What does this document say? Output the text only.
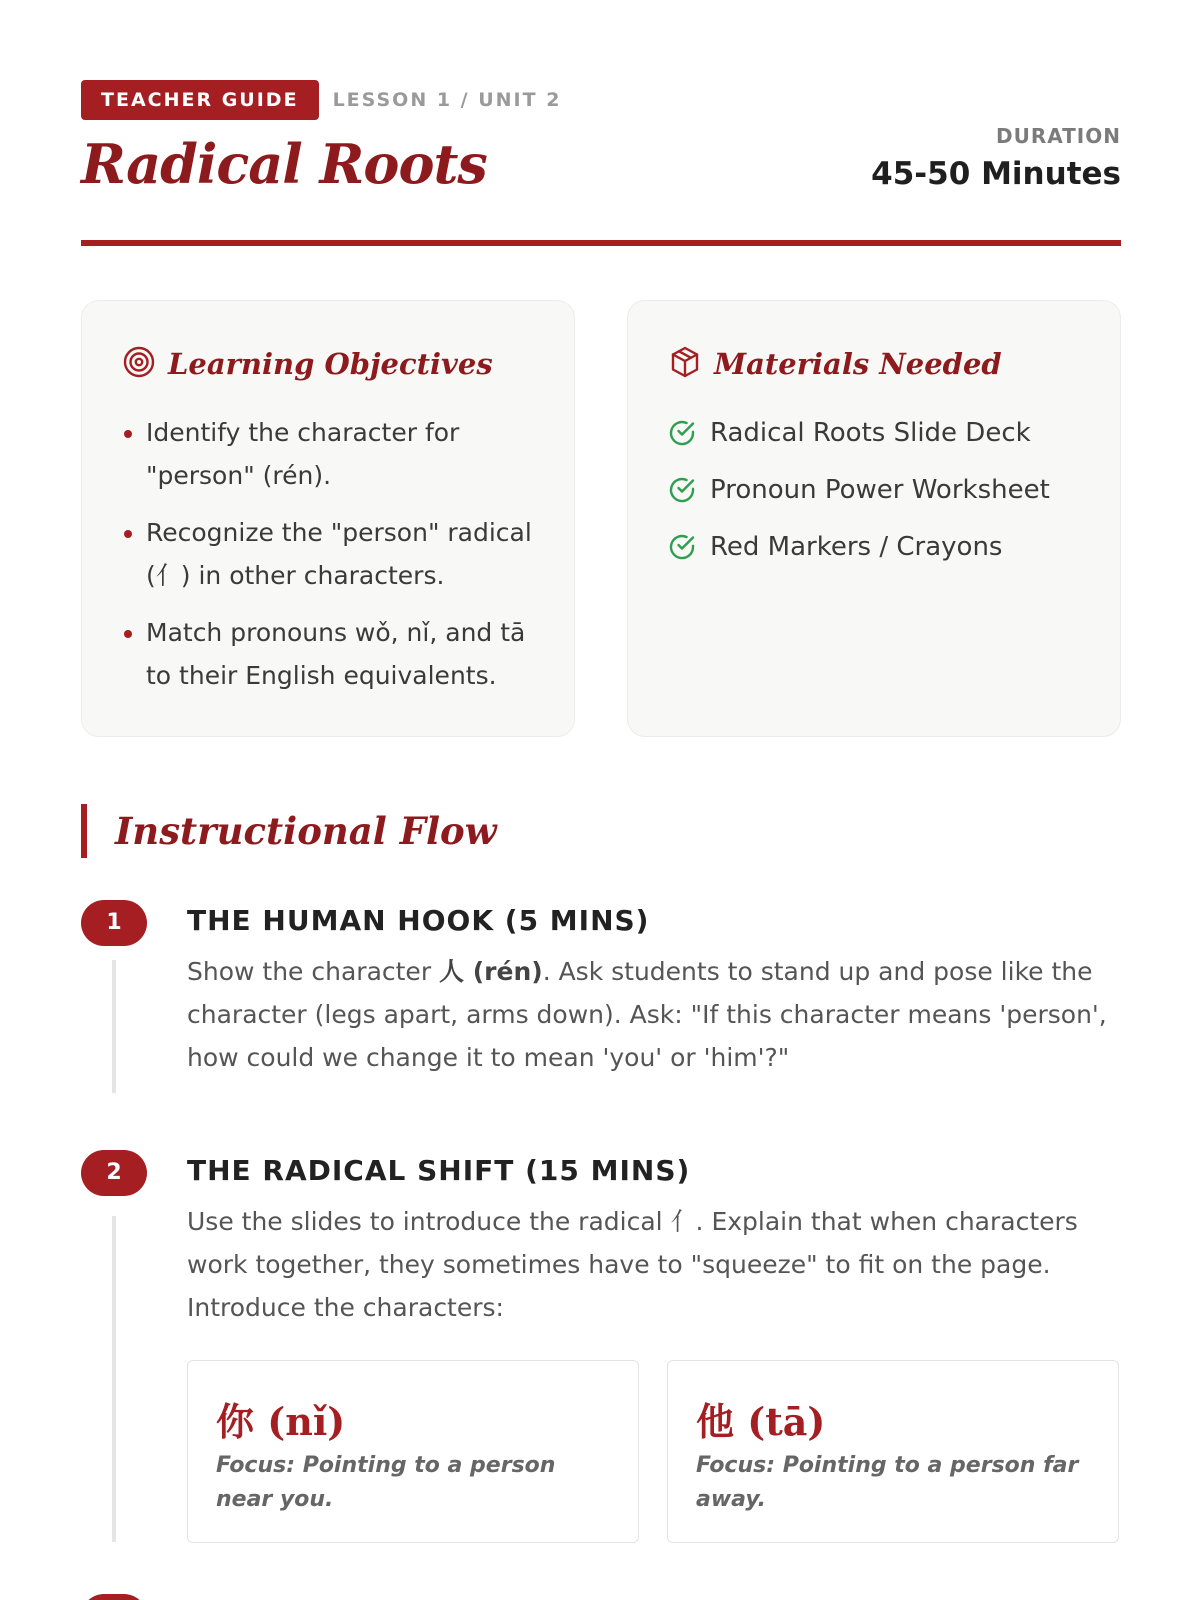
TEACHER GUIDE	LESSON 1 / UNIT 2
Radical Roots	DURATION
45-50 Minutes
Learning Objectives
Identify the character for "person" (rén).
Recognize the "person" radical (亻) in other characters.
Match pronouns wǒ, nǐ, and tā to their English equivalents.
Materials Needed
Radical Roots Slide Deck
Pronoun Power Worksheet
Red Markers / Crayons
Instructional Flow
1	THE HUMAN HOOK (5 MINS)
Show the character 人 (rén). Ask students to stand up and pose like the character (legs apart, arms down). Ask: "If this character means 'person', how could we change it to mean 'you' or 'him'?"
2	THE RADICAL SHIFT (15 MINS)
Use the slides to introduce the radical 亻. Explain that when characters work together, they sometimes have to "squeeze" to fit on the page. Introduce the characters:
你 (nǐ)
Focus: Pointing to a person near you.
他 (tā)
Focus: Pointing to a person far away.
